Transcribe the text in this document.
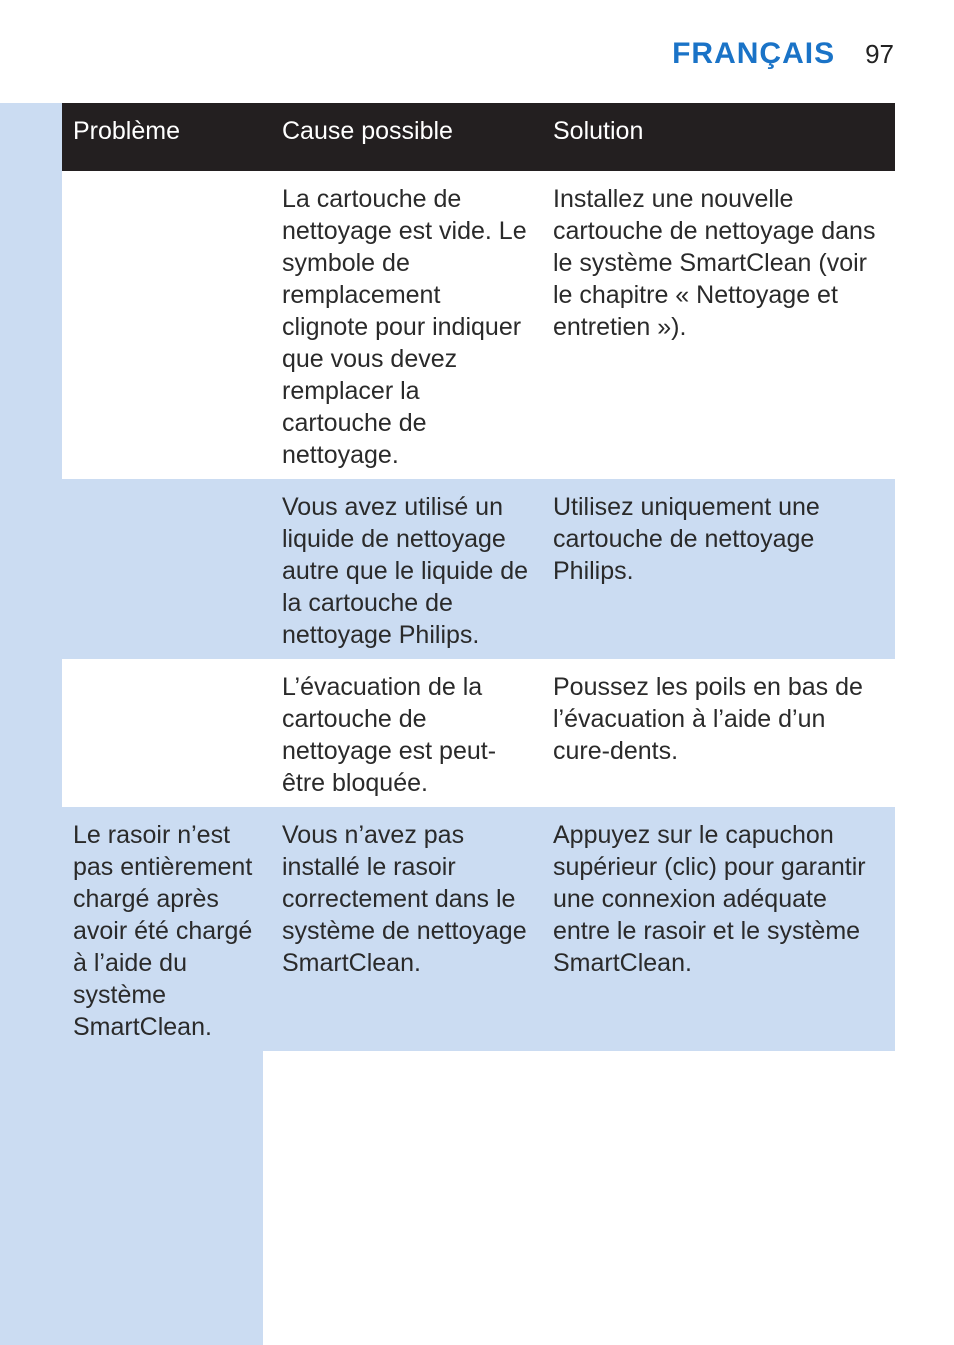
FRANÇAIS 97
Problème	Cause possible	Solution
	La cartouche de nettoyage est vide. Le symbole de remplacement clignote pour indiquer que vous devez remplacer la cartouche de nettoyage.	Installez une nouvelle cartouche de nettoyage dans le système SmartClean (voir le chapitre « Nettoyage et entretien »).
	Vous avez utilisé un liquide de nettoyage autre que le liquide de la cartouche de nettoyage Philips.	Utilisez uniquement une cartouche de nettoyage Philips.
	L’évacuation de la cartouche de nettoyage est peut-être bloquée.	Poussez les poils en bas de l’évacuation à l’aide d’un cure-dents.
Le rasoir n’est pas entièrement chargé après avoir été chargé à l’aide du système SmartClean.	Vous n’avez pas installé le rasoir correctement dans le système de nettoyage SmartClean.	Appuyez sur le capuchon supérieur (clic) pour garantir une connexion adéquate entre le rasoir et le système SmartClean.
